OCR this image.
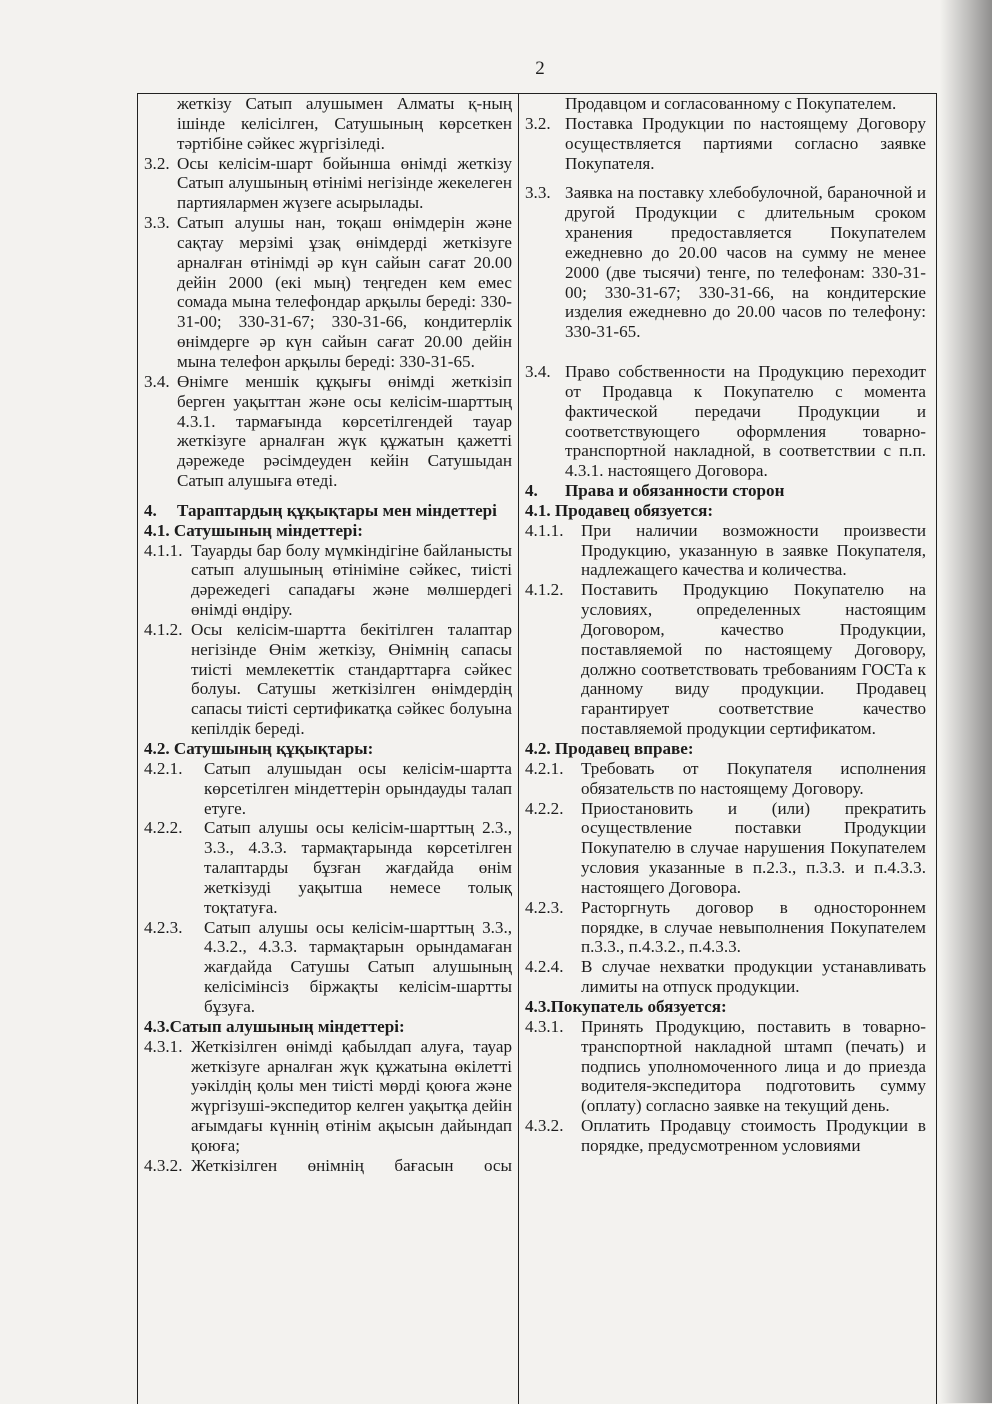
2
жеткізу Сатып алушымен Алматы қ-ның ішінде келісілген, Сатушының көрсеткен тәртібіне сәйкес жүргізіледі.
3.2. Осы келісім-шарт бойынша өнімді жеткізу Сатып алушының өтінімі негізінде жекелеген партиялармен жүзеге асырылады.
3.3. Сатып алушы нан, тоқаш өнімдерін және сақтау мерзімі ұзақ өнімдерді жеткізуге арналған өтінімді әр күн сайын сағат 20.00 дейін 2000 (екі мың) теңгеден кем емес сомада мына телефондар арқылы береді: 330-31-00; 330-31-67; 330-31-66, кондитерлік өнімдерге әр күн сайын сағат 20.00 дейін мына телефон арқылы береді: 330-31-65.
3.4. Өнімге меншік құқығы өнімді жеткізіп берген уақыттан және осы келісім-шарттың 4.3.1. тармағында көрсетілгендей тауар жеткізуге арналған жүк құжатын қажетті дәрежеде рәсімдеуден кейін Сатушыдан Сатып алушыға өтеді.
4.	Тараптардың құқықтары мен міндеттері
4.1. Сатушының міндеттері:
4.1.1. Тауарды бар болу мүмкіндігіне байланысты сатып алушының өтініміне сәйкес, тиісті дәрежедегі сападағы және мөлшердегі өнімді өндіру.
4.1.2. Осы келісім-шартта бекітілген талаптар негізінде Өнім жеткізу, Өнімнің сапасы тиісті мемлекеттік стандарттарға сәйкес болуы. Сатушы жеткізілген өнімдердің сапасы тиісті сертификатқа сәйкес болуына кепілдік береді.
4.2. Сатушының құқықтары:
4.2.1.	Сатып алушыдан осы келісім-шартта көрсетілген міндеттерін орындауды талап етуге.
4.2.2.	Сатып алушы осы келісім-шарттың 2.3., 3.3., 4.3.3. тармақтарында көрсетілген талаптарды бұзған жағдайда өнім жеткізуді уақытша немесе толық тоқтатуға.
4.2.3.	Сатып алушы осы келісім-шарттың 3.3., 4.3.2., 4.3.3. тармақтарын орындамаған жағдайда Сатушы Сатып алушының келісімінсіз біржақты келісім-шартты бұзуға.
4.3.Сатып алушының міндеттері:
4.3.1. Жеткізілген өнімді қабылдап алуға, тауар жеткізуге арналған жүк құжатына өкілетті уәкілдің қолы мен тиісті мөрді қоюға және жүргізуші-экспедитор келген уақытқа дейін ағымдағы күннің өтінім ақысын дайындап қоюға;
4.3.2. Жеткізілген өнімнің бағасын осы
Продавцом и согласованному с Покупателем.
3.2. Поставка Продукции по настоящему Договору осуществляется партиями согласно заявке Покупателя.
3.3. Заявка на поставку хлебобулочной, бараночной и другой Продукции с длительным сроком хранения предоставляется Покупателем ежедневно до 20.00 часов на сумму не менее 2000 (две тысячи) тенге, по телефонам: 330-31-00; 330-31-67; 330-31-66, на кондитерские изделия ежедневно до 20.00 часов по телефону: 330-31-65.
3.4. Право собственности на Продукцию переходит от Продавца к Покупателю с момента фактической передачи Продукции и соответствующего оформления товарно-транспортной накладной, в соответствии с п.п. 4.3.1. настоящего Договора.
4.	Права и обязанности сторон
4.1. Продавец обязуется:
4.1.1.	При наличии возможности произвести Продукцию, указанную в заявке Покупателя, надлежащего качества и количества.
4.1.2.	Поставить Продукцию Покупателю на условиях, определенных настоящим Договором, качество Продукции, поставляемой по настоящему Договору, должно соответствовать требованиям ГОСТа к данному виду продукции. Продавец гарантирует соответствие качество поставляемой продукции сертификатом.
4.2. Продавец вправе:
4.2.1.	Требовать от Покупателя исполнения обязательств по настоящему Договору.
4.2.2.	Приостановить и (или) прекратить осуществление поставки Продукции Покупателю в случае нарушения Покупателем условия указанные в п.2.3., п.3.3. и п.4.3.3. настоящего Договора.
4.2.3.	Расторгнуть договор в одностороннем порядке, в случае невыполнения Покупателем п.3.3., п.4.3.2., п.4.3.3.
4.2.4.	В случае нехватки продукции устанавливать лимиты на отпуск продукции.
4.3.Покупатель обязуется:
4.3.1.	Принять Продукцию, поставить в товарно-транспортной накладной штамп (печать) и подпись уполномоченного лица и до приезда водителя-экспедитора подготовить сумму (оплату) согласно заявке на текущий день.
4.3.2.	Оплатить Продавцу стоимость Продукции в порядке, предусмотренном условиями
